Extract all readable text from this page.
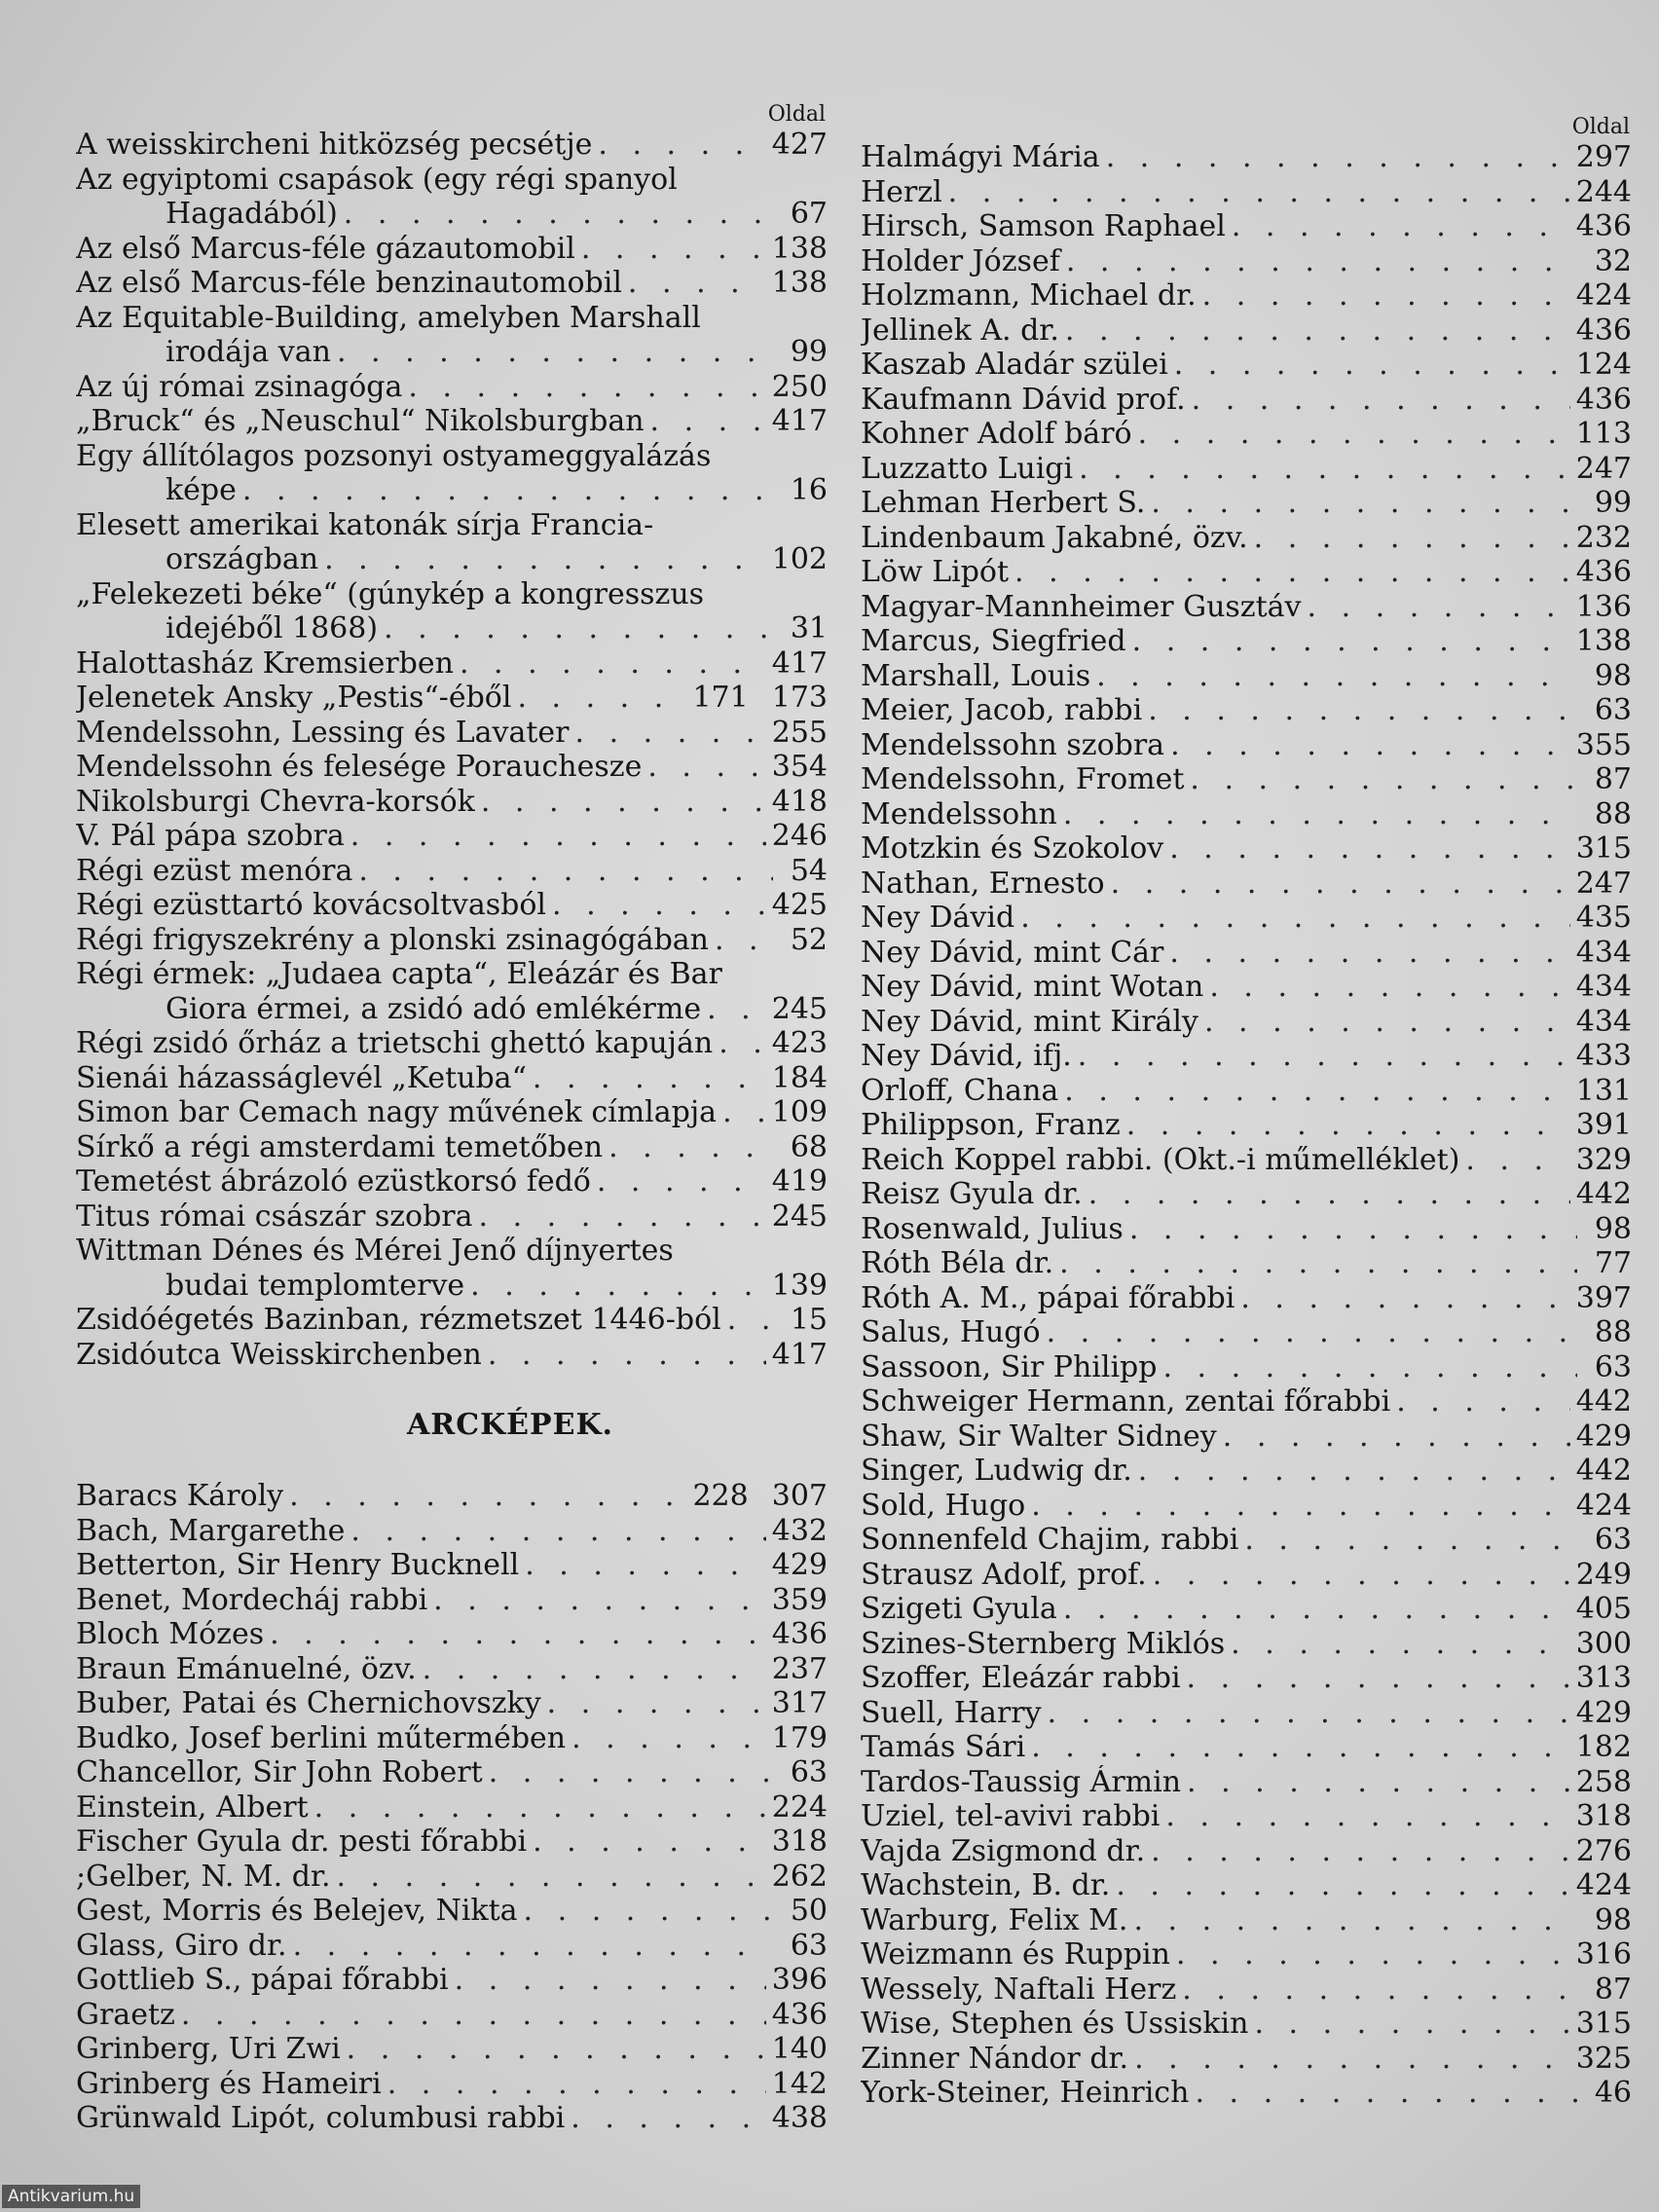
Oldal
A weisskircheni hitközség pecsétje . . .	427
Az egyiptomi csapások (egy régi spanyol
Hagadából) . . .	67
Az első Marcus-féle gázautomobil . . .	138
Az első Marcus-féle benzinautomobil . . .	138
Az Equitable-Building, amelyben Marshall
irodája van . . .	99
Az új római zsinagóga . . .	250
„Bruck“ és „Neuschul“ Nikolsburgban . . .	417
Egy állítólagos pozsonyi ostyameggyalázás
képe . . .	16
Elesett amerikai katonák sírja Francia-
országban . . .	102
„Felekezeti béke“ (gúnykép a kongresszus
idejéből 1868) . . .	31
Halottasház Kremsierben . . .	417
Jelenetek Ansky „Pestis“-éből . . .	171 173
Mendelssohn, Lessing és Lavater . . .	255
Mendelssohn és felesége Porauchesze . . .	354
Nikolsburgi Chevra-korsók . . .	418
V. Pál pápa szobra . . .	246
Régi ezüst menóra . . .	54
Régi ezüsttartó kovácsoltvasból . . .	425
Régi frigyszekrény a plonski zsinagógában . . .	52
Régi érmek: „Judaea capta“, Eleázár és Bar
Giora érmei, a zsidó adó emlékérme . . . 245
Régi zsidó őrház a trietschi ghettó kapuján . . . 423
Sienái házasságlevél „Ketuba“ . . .	184
Simon bar Cemach nagy művének címlapja . . . 109
Sírkő a régi amsterdami temetőben . . .	68
Temetést ábrázoló ezüstkorsó fedő . . .	419
Titus római császár szobra . . .	245
Wittman Dénes és Mérei Jenő díjnyertes
budai templomterve . . .	139
Zsidóégetés Bazinban, rézmetszet 1446-ból . . .	15
Zsidóutca Weisskirchenben . . .	417
ARCKÉPEK.
Baracs Károly . . .	228 307
Bach, Margarethe . . .	432
Betterton, Sir Henry Bucknell . . .	429
Benet, Mordecháj rabbi . . .	359
Bloch Mózes . . .	436
Braun Emánuelné, özv. . . .	237
Buber, Patai és Chernichovszky . . .	317
Budko, Josef berlini műtermében . . .	179
Chancellor, Sir John Robert . . .	63
Einstein, Albert . . .	224
Fischer Gyula dr. pesti főrabbi . . .	318
;Gelber, N. M. dr. . . .	262
Gest, Morris és Belejev, Nikta . . .	50
Glass, Giro dr. . . .	63
Gottlieb S., pápai főrabbi . . .	396
Graetz . . .	436
Grinberg, Uri Zwi . . .	140
Grinberg és Hameiri . . .	142
Grünwald Lipót, columbusi rabbi . . .	438
Oldal
Halmágyi Mária . . .	297
Herzl . . .	244
Hirsch, Samson Raphael . . .	436
Holder József . . .	32
Holzmann, Michael dr. . . .	424
Jellinek A. dr. . . .	436
Kaszab Aladár szülei . . .	124
Kaufmann Dávid prof. . . .	436
Kohner Adolf báró . . .	113
Luzzatto Luigi . . .	247
Lehman Herbert S. . . .	99
Lindenbaum Jakabné, özv. . . .	232
Löw Lipót . . .	436
Magyar-Mannheimer Gusztáv . . .	136
Marcus, Siegfried . . .	138
Marshall, Louis . . .	98
Meier, Jacob, rabbi . . .	63
Mendelssohn szobra . . .	355
Mendelssohn, Fromet . . .	87
Mendelssohn . . .	88
Motzkin és Szokolov . . .	315
Nathan, Ernesto . . .	247
Ney Dávid . . .	435
Ney Dávid, mint Cár . . .	434
Ney Dávid, mint Wotan . . .	434
Ney Dávid, mint Király . . .	434
Ney Dávid, ifj. . . .	433
Orloff, Chana . . .	131
Philippson, Franz . . .	391
Reich Koppel rabbi. (Okt.-i műmelléklet) . . .	329
Reisz Gyula dr. . . .	442
Rosenwald, Julius . . .	98
Róth Béla dr. . . .	77
Róth A. M., pápai főrabbi . . .	397
Salus, Hugó . . .	88
Sassoon, Sir Philipp . . .	63
Schweiger Hermann, zentai főrabbi . . .	442
Shaw, Sir Walter Sidney . . .	429
Singer, Ludwig dr. . . .	442
Sold, Hugo . . .	424
Sonnenfeld Chajim, rabbi . . .	63
Strausz Adolf, prof. . . .	249
Szigeti Gyula . . .	405
Szines-Sternberg Miklós . . .	300
Szoffer, Eleázár rabbi . . .	313
Suell, Harry . . .	429
Tamás Sári . . .	182
Tardos-Taussig Ármin . . .	258
Uziel, tel-avivi rabbi . . .	318
Vajda Zsigmond dr. . . .	276
Wachstein, B. dr. . . .	424
Warburg, Felix M. . . .	98
Weizmann és Ruppin . . .	316
Wessely, Naftali Herz . . .	87
Wise, Stephen és Ussiskin . . .	315
Zinner Nándor dr. . . .	325
York-Steiner, Heinrich . . .	46
Antikvarium.hu
